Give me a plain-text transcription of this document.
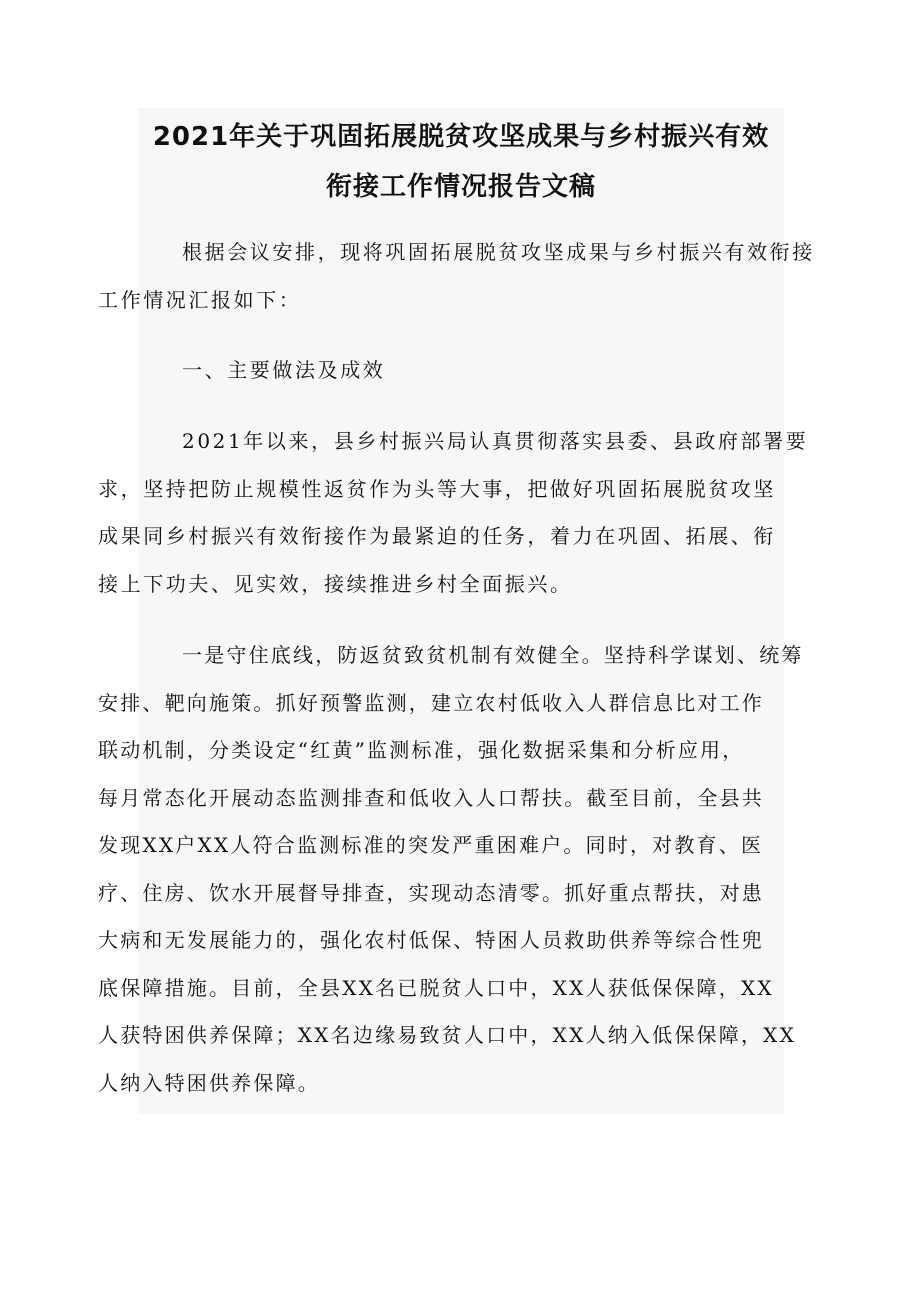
2021年关于巩固拓展脱贫攻坚成果与乡村振兴有效
衔接工作情况报告文稿

根据会议安排，现将巩固拓展脱贫攻坚成果与乡村振兴有效衔接
工作情况汇报如下：

一、主要做法及成效

2021年以来，县乡村振兴局认真贯彻落实县委、县政府部署要
求，坚持把防止规模性返贫作为头等大事，把做好巩固拓展脱贫攻坚
成果同乡村振兴有效衔接作为最紧迫的任务，着力在巩固、拓展、衔
接上下功夫、见实效，接续推进乡村全面振兴。

一是守住底线，防返贫致贫机制有效健全。坚持科学谋划、统筹
安排、靶向施策。抓好预警监测，建立农村低收入人群信息比对工作
联动机制，分类设定“红黄”监测标准，强化数据采集和分析应用，
每月常态化开展动态监测排查和低收入人口帮扶。截至目前，全县共
发现XX户XX人符合监测标准的突发严重困难户。同时，对教育、医
疗、住房、饮水开展督导排查，实现动态清零。抓好重点帮扶，对患
大病和无发展能力的，强化农村低保、特困人员救助供养等综合性兜
底保障措施。目前，全县XX名已脱贫人口中，XX人获低保保障，XX
人获特困供养保障；XX名边缘易致贫人口中，XX人纳入低保保障，XX
人纳入特困供养保障。
